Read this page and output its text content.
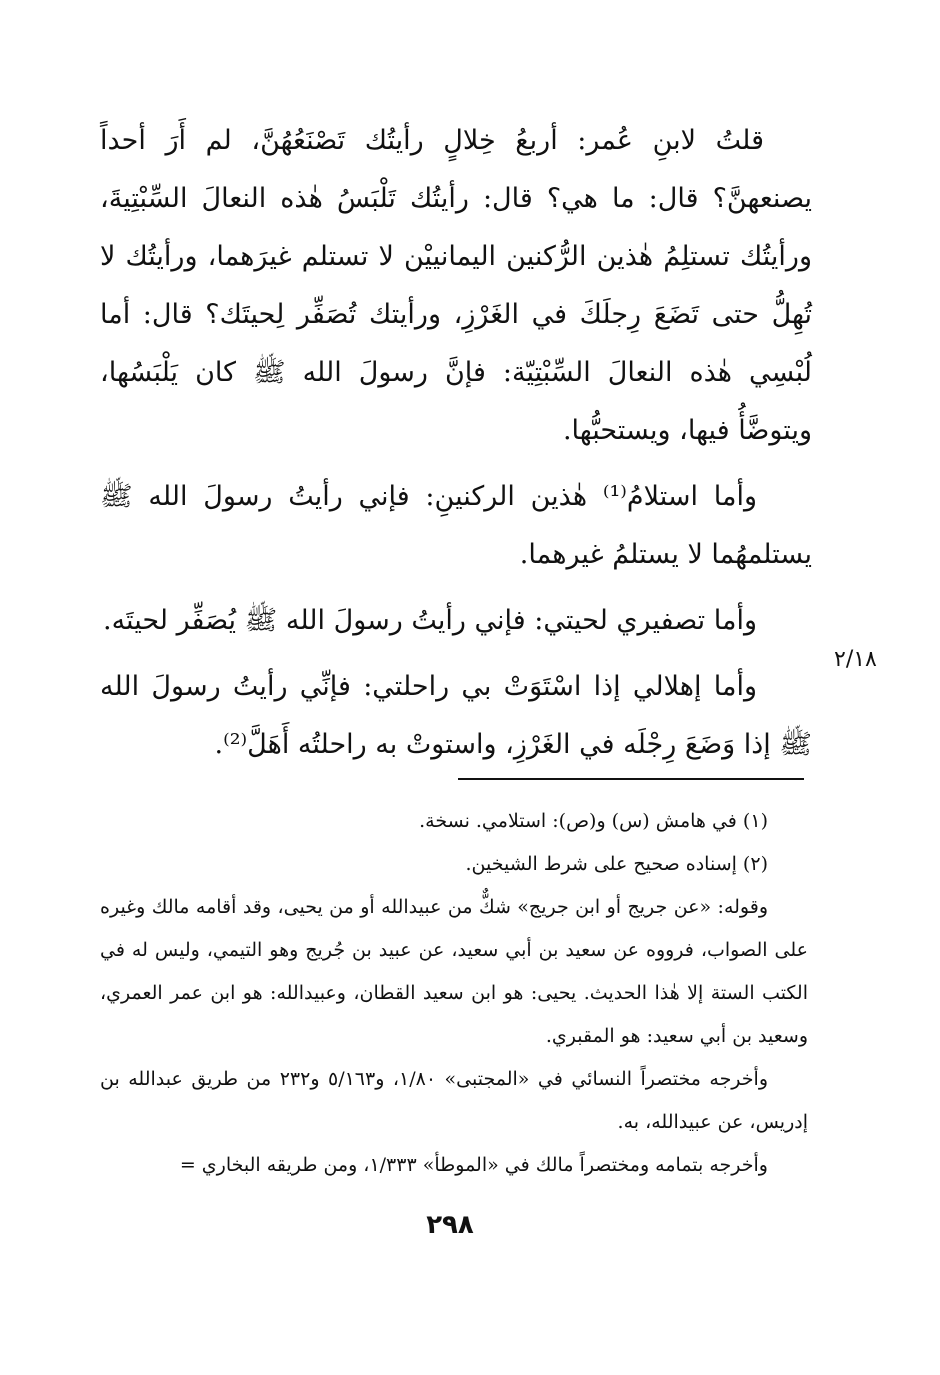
قلتُ لابنِ عُمر: أربعُ خِلالٍ رأيتُك تَصْنَعُهُنَّ، لم أَرَ أحداً يصنعهنَّ؟ قال: ما هي؟ قال: رأيتُك تَلْبَسُ هٰذه النعالَ السِّبْتِيةَ، ورأيتُك تستلِمُ هٰذين الرُّكنين اليمانييْن لا تستلم غيرَهما، ورأيتُك لا تُهِلُّ حتى تَضَعَ رِجلَكَ في الغَرْزِ، ورأيتك تُصَفِّر لِحيتَك؟ قال: أما لُبْسِي هٰذه النعالَ السِّبْتِيّة: فإنَّ رسولَ الله ﷺ كان يَلْبَسُها، ويتوضَّأُ فيها، ويستحبُّها.

وأما استلامُ⁽¹⁾ هٰذين الركنينِ: فإني رأيتُ رسولَ الله ﷺ يستلمهُما لا يستلمُ غيرهما.

وأما تصفيري لحيتي: فإني رأيتُ رسولَ الله ﷺ يُصَفِّر لحيتَه.

وأما إهلالي إذا اسْتَوَتْ بي راحلتي: فإنِّي رأيتُ رسولَ الله ﷺ إذا وَضَعَ رِجْلَه في الغَرْزِ، واستوتْ به راحلتُه أَهَلَّ⁽²⁾.

٢/١٨

(١) في هامش (س) و(ص): استلامي. نسخة.

(٢) إسناده صحيح على شرط الشيخين.

وقوله: «عن جريج أو ابن جريج» شكٌّ من عبيدالله أو من يحيى، وقد أقامه مالك وغيره على الصواب، فرووه عن سعيد بن أبي سعيد، عن عبيد بن جُريج وهو التيمي، وليس له في الكتب الستة إلا هٰذا الحديث. يحيى: هو ابن سعيد القطان، وعبيدالله: هو ابن عمر العمري، وسعيد بن أبي سعيد: هو المقبري.

وأخرجه مختصراً النسائي في «المجتبى» ١/٨٠، و٥/١٦٣ و٢٣٢ من طريق عبدالله بن إدريس، عن عبيدالله، به.

وأخرجه بتمامه ومختصراً مالك في «الموطأ» ١/٣٣٣، ومن طريقه البخاري =

٢٩٨
